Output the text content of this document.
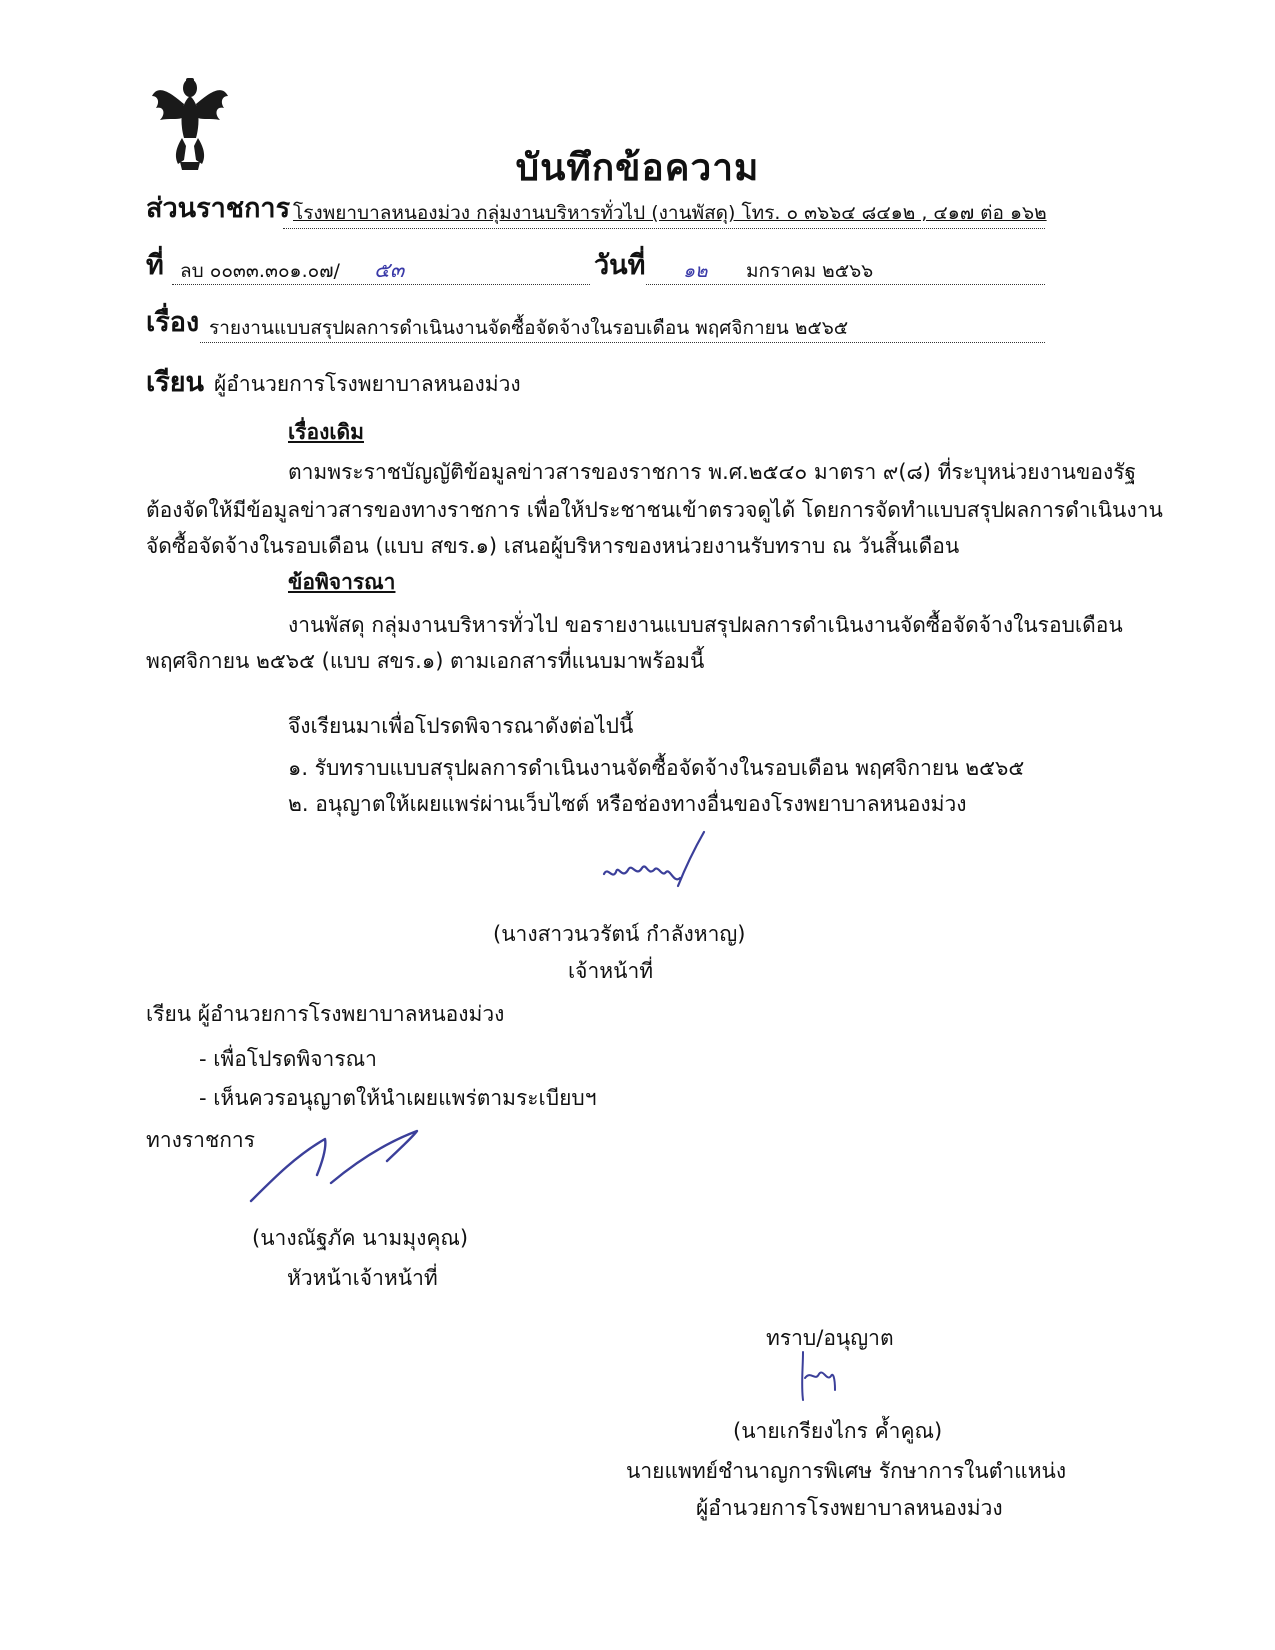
บันทึกข้อความ
ส่วนราชการ โรงพยาบาลหนองม่วง กลุ่มงานบริหารทั่วไป (งานพัสดุ) โทร. ๐ ๓๖๖๔ ๘๔๑๒ , ๔๑๗ ต่อ ๑๖๒
ที่ ลบ ๐๐๓๓.๓๐๑.๐๗/ ๕๓	วันที่ ๑๒ มกราคม ๒๕๖๖
เรื่อง รายงานแบบสรุปผลการดำเนินงานจัดซื้อจัดจ้างในรอบเดือน พฤศจิกายน ๒๕๖๕
เรียน ผู้อำนวยการโรงพยาบาลหนองม่วง
เรื่องเดิม
ตามพระราชบัญญัติข้อมูลข่าวสารของราชการ พ.ศ.๒๕๔๐ มาตรา ๙(๘) ที่ระบุหน่วยงานของรัฐ
ต้องจัดให้มีข้อมูลข่าวสารของทางราชการ เพื่อให้ประชาชนเข้าตรวจดูได้ โดยการจัดทำแบบสรุปผลการดำเนินงาน
จัดซื้อจัดจ้างในรอบเดือน (แบบ สขร.๑) เสนอผู้บริหารของหน่วยงานรับทราบ ณ วันสิ้นเดือน
ข้อพิจารณา
งานพัสดุ กลุ่มงานบริหารทั่วไป ขอรายงานแบบสรุปผลการดำเนินงานจัดซื้อจัดจ้างในรอบเดือน
พฤศจิกายน ๒๕๖๕ (แบบ สขร.๑) ตามเอกสารที่แนบมาพร้อมนี้
จึงเรียนมาเพื่อโปรดพิจารณาดังต่อไปนี้
๑. รับทราบแบบสรุปผลการดำเนินงานจัดซื้อจัดจ้างในรอบเดือน พฤศจิกายน ๒๕๖๕
๒. อนุญาตให้เผยแพร่ผ่านเว็บไซต์ หรือช่องทางอื่นของโรงพยาบาลหนองม่วง
(นางสาวนวรัตน์ กำลังหาญ)
เจ้าหน้าที่
เรียน ผู้อำนวยการโรงพยาบาลหนองม่วง
- เพื่อโปรดพิจารณา
- เห็นควรอนุญาตให้นำเผยแพร่ตามระเบียบฯ
ทางราชการ
(นางณัฐภัค นามมุงคุณ)
หัวหน้าเจ้าหน้าที่
ทราบ/อนุญาต
(นายเกรียงไกร ค้ำคูณ)
นายแพทย์ชำนาญการพิเศษ รักษาการในตำแหน่ง
ผู้อำนวยการโรงพยาบาลหนองม่วง
